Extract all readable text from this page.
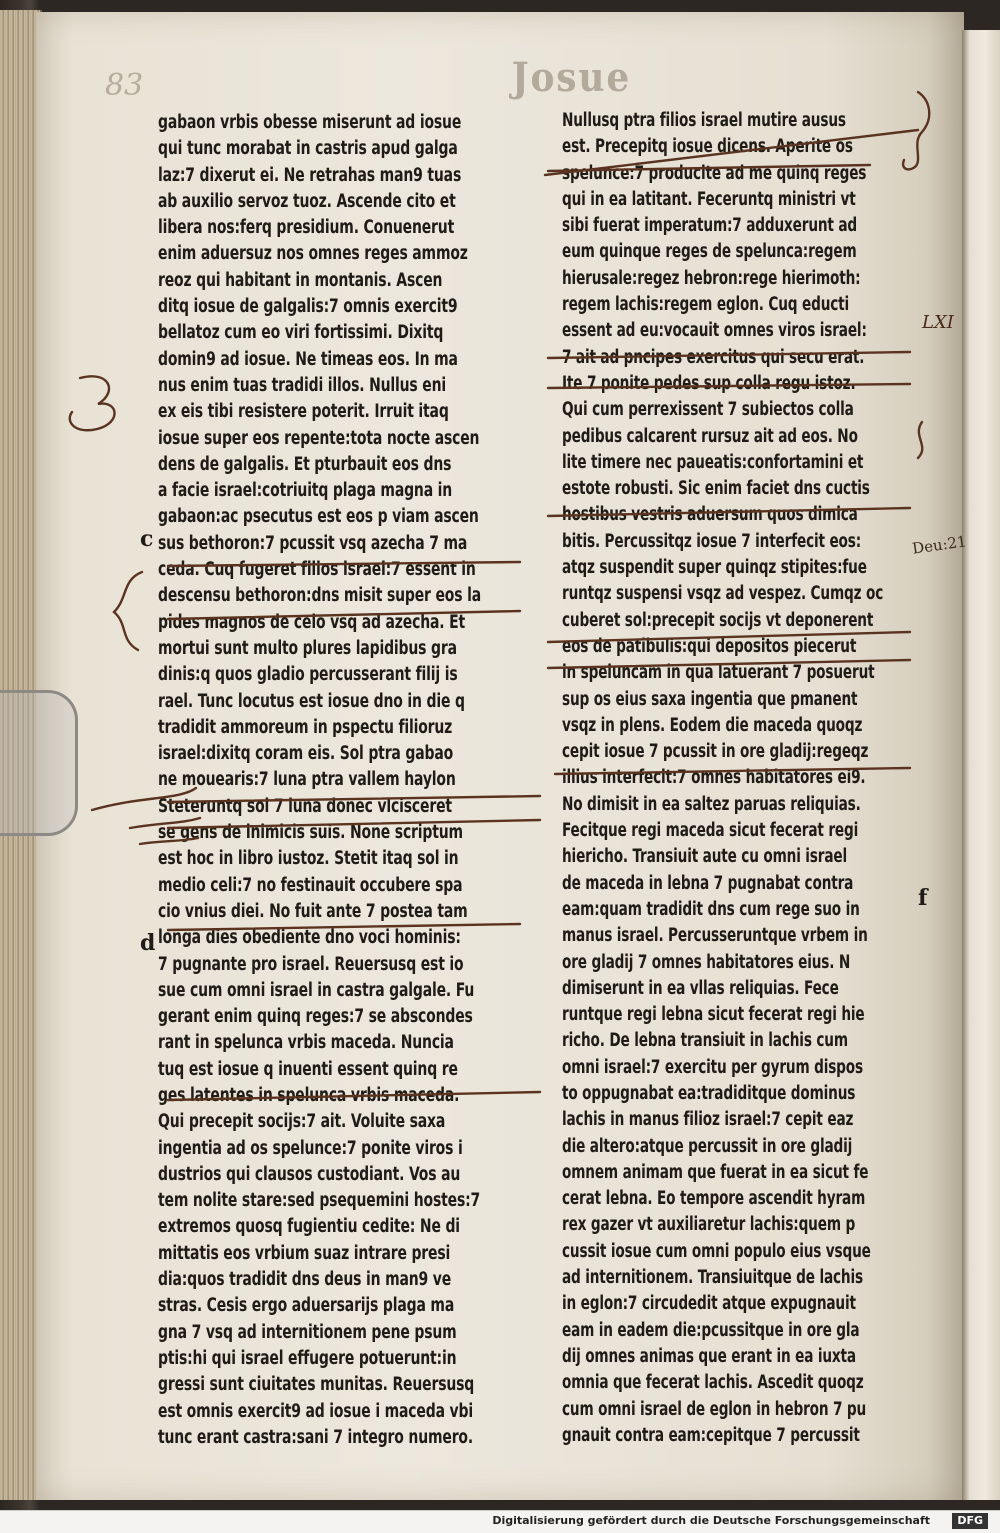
Josue
83
gabaon vrbis obesse miserunt ad iosue
qui tunc morabat in castris apud galga
laz:7 dixerut ei. Ne retrahas man9 tuas
ab auxilio servoz tuoz. Ascende cito et
libera nos:ferq presidium. Conuenerut
enim aduersuz nos omnes reges ammoz
reoz qui habitant in montanis. Ascen
ditq iosue de galgalis:7 omnis exercit9
bellatoz cum eo viri fortissimi. Dixitq
domin9 ad iosue. Ne timeas eos. In ma
nus enim tuas tradidi illos. Nullus eni
ex eis tibi resistere poterit. Irruit itaq
iosue super eos repente:tota nocte ascen
dens de galgalis. Et pturbauit eos dns
a facie israel:cotriuitq plaga magna in
gabaon:ac psecutus est eos p viam ascen
sus bethoron:7 pcussit vsq azecha 7 ma
ceda. Cuq fugeret filios israel:7 essent in
descensu bethoron:dns misit super eos la
pides magnos de celo vsq ad azecha. Et
mortui sunt multo plures lapidibus gra
dinis:q quos gladio percusserant filij is
rael. Tunc locutus est iosue dno in die q
tradidit ammoreum in pspectu filioruz
israel:dixitq coram eis. Sol ptra gabao
ne mouearis:7 luna ptra vallem haylon
Steteruntq sol 7 luna donec vlcisceret
se gens de inimicis suis. None scriptum
est hoc in libro iustoz. Stetit itaq sol in
medio celi:7 no festinauit occubere spa
cio vnius diei. No fuit ante 7 postea tam
longa dies obediente dno voci hominis:
7 pugnante pro israel. Reuersusq est io
sue cum omni israel in castra galgale. Fu
gerant enim quinq reges:7 se abscondes
rant in spelunca vrbis maceda. Nuncia
tuq est iosue q inuenti essent quinq re
ges latentes in spelunca vrbis maceda.
Qui precepit socijs:7 ait. Voluite saxa
ingentia ad os spelunce:7 ponite viros i
dustrios qui clausos custodiant. Vos au
tem nolite stare:sed psequemini hostes:7
extremos quosq fugientiu cedite: Ne di
mittatis eos vrbium suaz intrare presi
dia:quos tradidit dns deus in man9 ve
stras. Cesis ergo aduersarijs plaga ma
gna 7 vsq ad internitionem pene psum
ptis:hi qui israel effugere potuerunt:in
gressi sunt ciuitates munitas. Reuersusq
est omnis exercit9 ad iosue i maceda vbi
tunc erant castra:sani 7 integro numero.
Nullusq ptra filios israel mutire ausus
est. Precepitq iosue dicens. Aperite os
spelunce:7 producite ad me quinq reges
qui in ea latitant. Feceruntq ministri vt
sibi fuerat imperatum:7 adduxerunt ad
eum quinque reges de spelunca:regem
hierusale:regez hebron:rege hierimoth:
regem lachis:regem eglon. Cuq educti
essent ad eu:vocauit omnes viros israel:
7 ait ad pncipes exercitus qui secu erat.
Ite 7 ponite pedes sup colla regu istoz.
Qui cum perrexissent 7 subiectos colla
pedibus calcarent rursuz ait ad eos. No
lite timere nec paueatis:confortamini et
estote robusti. Sic enim faciet dns cuctis
hostibus vestris aduersum quos dimica
bitis. Percussitqz iosue 7 interfecit eos:
atqz suspendit super quinqz stipites:fue
runtqz suspensi vsqz ad vespez. Cumqz oc
cuberet sol:precepit socijs vt deponerent
eos de patibulis:qui depositos piecerut
in speluncam in qua latuerant 7 posuerut
sup os eius saxa ingentia que pmanent
vsqz in plens. Eodem die maceda quoqz
cepit iosue 7 pcussit in ore gladij:regeqz
illius interfecit:7 omnes habitatores ei9.
No dimisit in ea saltez paruas reliquias.
Fecitque regi maceda sicut fecerat regi
hiericho. Transiuit aute cu omni israel
de maceda in lebna 7 pugnabat contra
eam:quam tradidit dns cum rege suo in
manus israel. Percusseruntque vrbem in
ore gladij 7 omnes habitatores eius. N
dimiserunt in ea vllas reliquias. Fece
runtque regi lebna sicut fecerat regi hie
richo. De lebna transiuit in lachis cum
omni israel:7 exercitu per gyrum dispos
to oppugnabat ea:tradiditque dominus
lachis in manus filioz israel:7 cepit eaz
die altero:atque percussit in ore gladij
omnem animam que fuerat in ea sicut fe
cerat lebna. Eo tempore ascendit hyram
rex gazer vt auxiliaretur lachis:quem p
cussit iosue cum omni populo eius vsque
ad internitionem. Transiuitque de lachis
in eglon:7 circudedit atque expugnauit
eam in eadem die:pcussitque in ore gla
dij omnes animas que erant in ea iuxta
omnia que fecerat lachis. Ascedit quoqz
cum omni israel de eglon in hebron 7 pu
gnauit contra eam:cepitque 7 percussit
c
d
f
Deu:21
LXI
Digitalisierung gefördert durch die Deutsche Forschungsgemeinschaft	DFG
